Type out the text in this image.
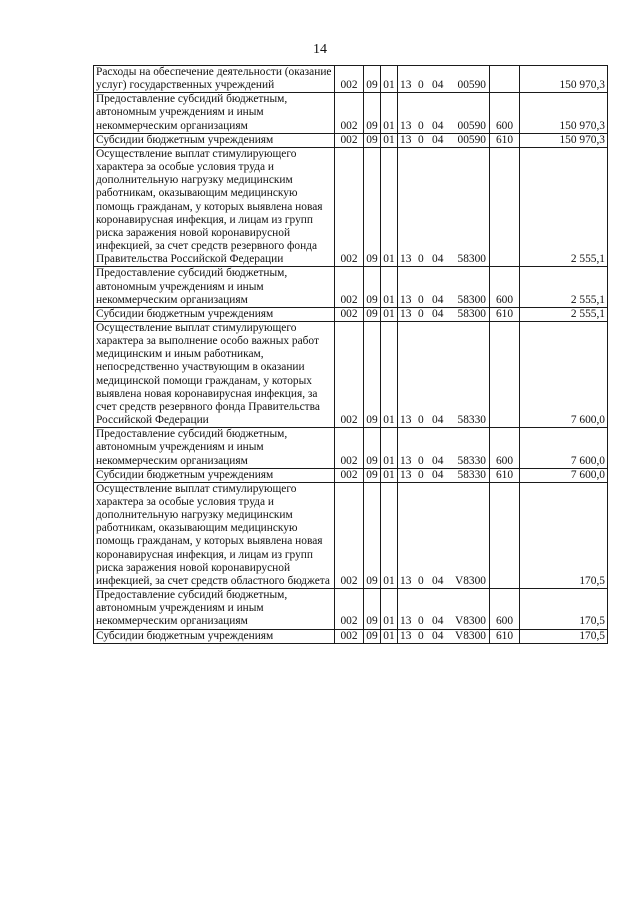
14
Расходы на обеспечение деятельности (оказание услуг) государственных учреждений	002	09	01	13 0 04 00590		150 970,3
Предоставление субсидий бюджетным, автономным учреждениям и иным некоммерческим организациям	002	09	01	13 0 04 00590	600	150 970,3
Субсидии бюджетным учреждениям	002	09	01	13 0 04 00590	610	150 970,3
Осуществление выплат стимулирующего характера за особые условия труда и дополнительную нагрузку медицинским работникам, оказывающим медицинскую помощь гражданам, у которых выявлена новая коронавирусная инфекция, и лицам из групп риска заражения новой коронавирусной инфекцией, за счет средств резервного фонда Правительства Российской Федерации	002	09	01	13 0 04 58300		2 555,1
Предоставление субсидий бюджетным, автономным учреждениям и иным некоммерческим организациям	002	09	01	13 0 04 58300	600	2 555,1
Субсидии бюджетным учреждениям	002	09	01	13 0 04 58300	610	2 555,1
Осуществление выплат стимулирующего характера за выполнение особо важных работ медицинским и иным работникам, непосредственно участвующим в оказании медицинской помощи гражданам, у которых выявлена новая коронавирусная инфекция, за счет средств резервного фонда Правительства Российской Федерации	002	09	01	13 0 04 58330		7 600,0
Предоставление субсидий бюджетным, автономным учреждениям и иным некоммерческим организациям	002	09	01	13 0 04 58330	600	7 600,0
Субсидии бюджетным учреждениям	002	09	01	13 0 04 58330	610	7 600,0
Осуществление выплат стимулирующего характера за особые условия труда и дополнительную нагрузку медицинским работникам, оказывающим медицинскую помощь гражданам, у которых выявлена новая коронавирусная инфекция, и лицам из групп риска заражения новой коронавирусной инфекцией, за счет средств областного бюджета	002	09	01	13 0 04 V8300		170,5
Предоставление субсидий бюджетным, автономным учреждениям и иным некоммерческим организациям	002	09	01	13 0 04 V8300	600	170,5
Субсидии бюджетным учреждениям	002	09	01	13 0 04 V8300	610	170,5
